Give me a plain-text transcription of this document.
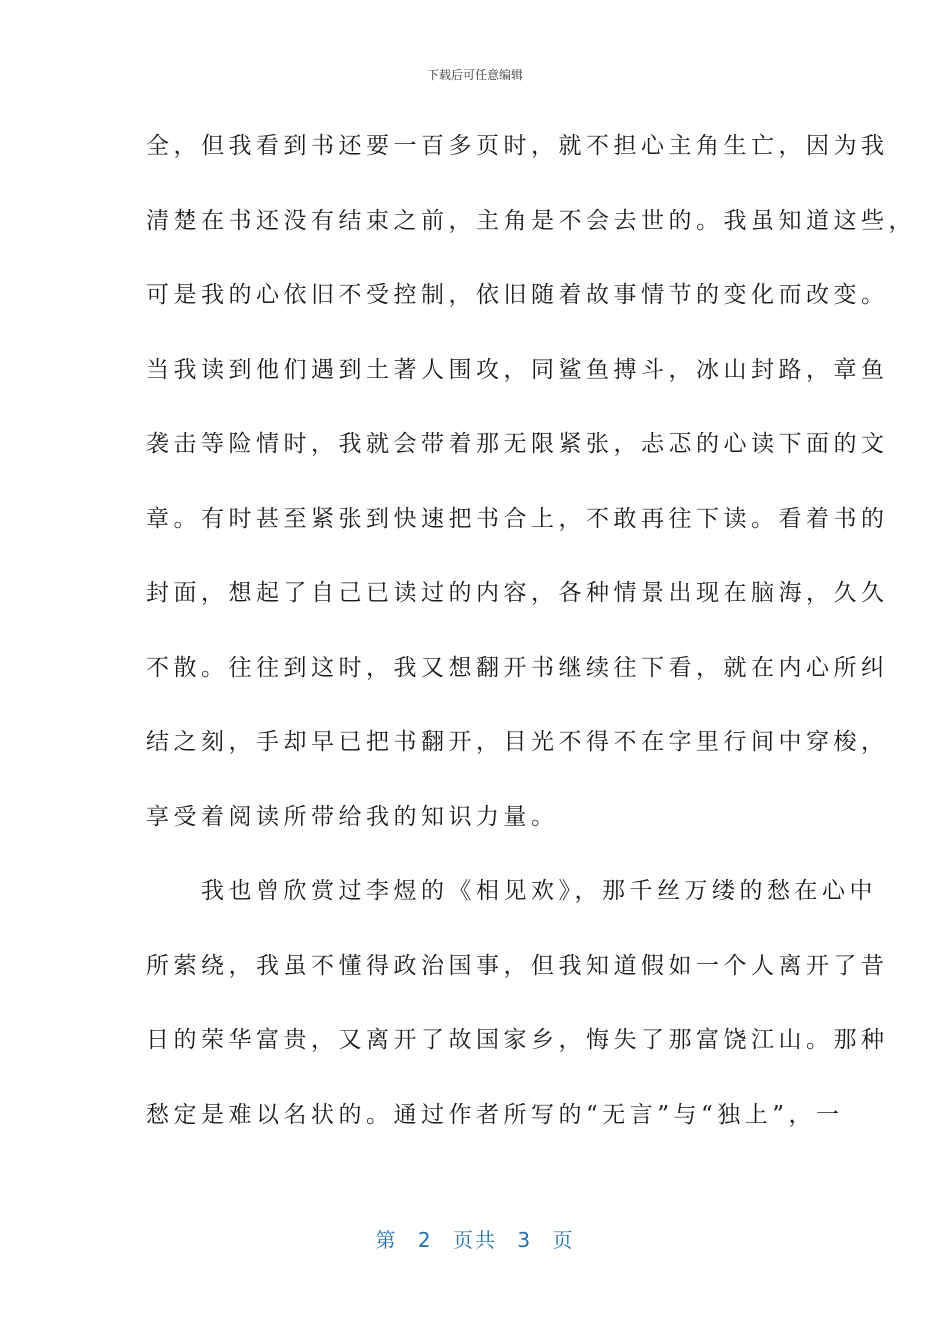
下载后可任意编辑
全，但我看到书还要一百多页时，就不担心主角生亡，因为我
清楚在书还没有结束之前，主角是不会去世的。我虽知道这些，
可是我的心依旧不受控制，依旧随着故事情节的变化而改变。
当我读到他们遇到土著人围攻，同鲨鱼搏斗，冰山封路，章鱼
袭击等险情时，我就会带着那无限紧张，忐忑的心读下面的文
章。有时甚至紧张到快速把书合上，不敢再往下读。看着书的
封面，想起了自己已读过的内容，各种情景出现在脑海，久久
不散。往往到这时，我又想翻开书继续往下看，就在内心所纠
结之刻，手却早已把书翻开，目光不得不在字里行间中穿梭，
享受着阅读所带给我的知识力量。
　　我也曾欣赏过李煜的《相见欢》，那千丝万缕的愁在心中
所萦绕，我虽不懂得政治国事，但我知道假如一个人离开了昔
日的荣华富贵，又离开了故国家乡，悔失了那富饶江山。那种
愁定是难以名状的。通过作者所写的“无言”与“独上”，一
第 2 页共 3 页
